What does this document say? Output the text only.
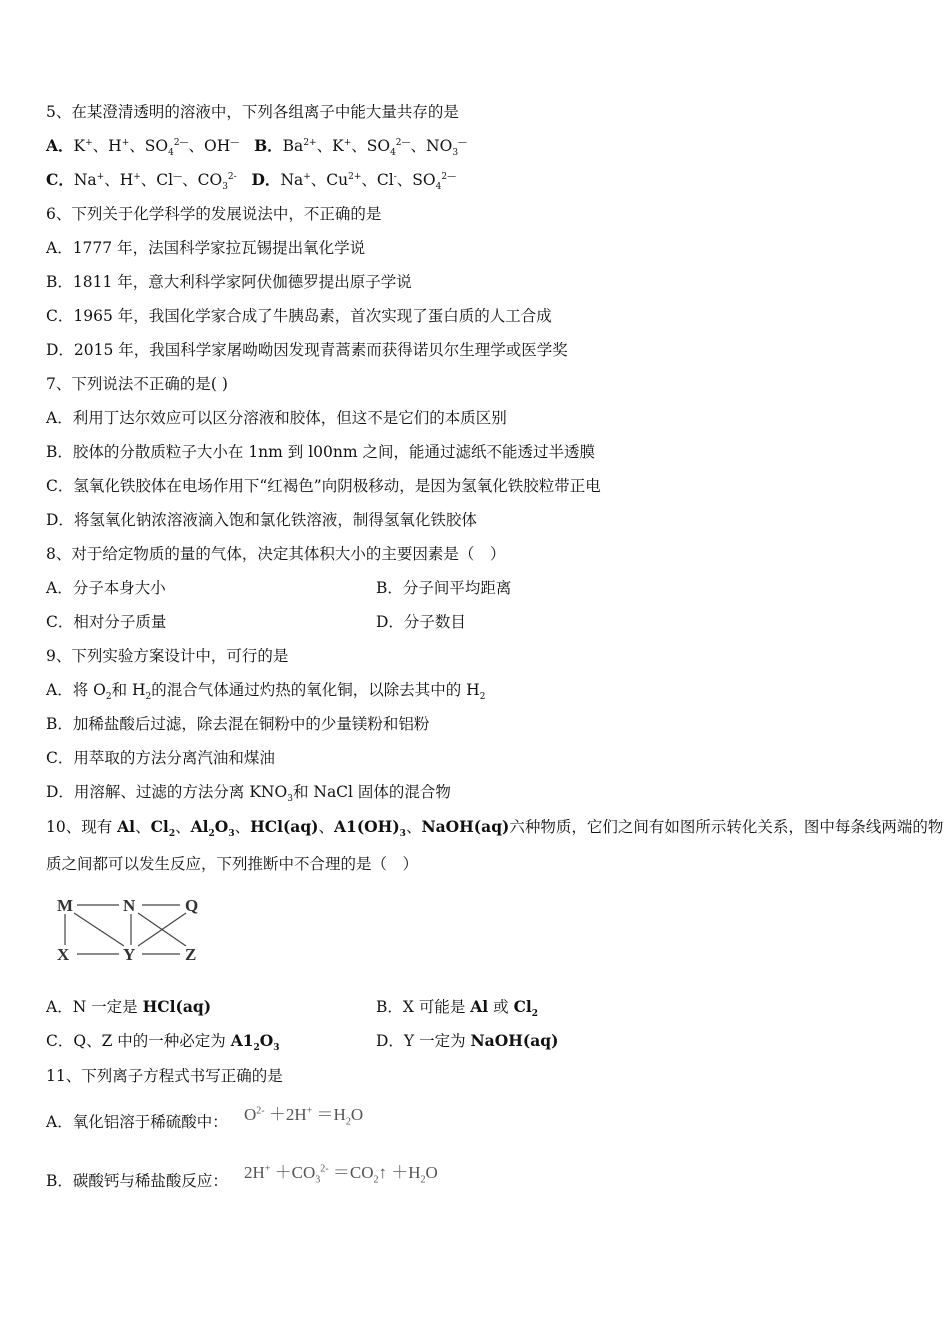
5、在某澄清透明的溶液中，下列各组离子中能大量共存的是
A．K+、H+、$SO_4^{2—}$、OH— B．$Ba^{2+}$、K+、$SO_4^{2—}$、$NO_3^—$
C．Na+、H+、Cl—、$CO_3^{2-}$ D．Na+、$Cu^{2+}$、Cl-、$SO_4^{2—}$
6、下列关于化学科学的发展说法中，不正确的是
A．1777 年，法国科学家拉瓦锡提出氧化学说
B．1811 年，意大利科学家阿伏伽德罗提出原子学说
C．1965 年，我国化学家合成了牛胰岛素，首次实现了蛋白质的人工合成
D．2015 年，我国科学家屠呦呦因发现青蒿素而获得诺贝尔生理学或医学奖
7、下列说法不正确的是( )
A．利用丁达尔效应可以区分溶液和胶体，但这不是它们的本质区别
B．胶体的分散质粒子大小在 1nm 到 l00nm 之间，能通过滤纸不能透过半透膜
C．氢氧化铁胶体在电场作用下“红褐色”向阴极移动，是因为氢氧化铁胶粒带正电
D．将氢氧化钠浓溶液滴入饱和氯化铁溶液，制得氢氧化铁胶体
8、对于给定物质的量的气体，决定其体积大小的主要因素是（　）
A．分子本身大小	B．分子间平均距离
C．相对分子质量	D．分子数目
9、下列实验方案设计中，可行的是
A．将 $O_2$和 $H_2$的混合气体通过灼热的氧化铜，以除去其中的 $H_2$
B．加稀盐酸后过滤，除去混在铜粉中的少量镁粉和铝粉
C．用萃取的方法分离汽油和煤油
D．用溶解、过滤的方法分离 $KNO_3$和 NaCl 固体的混合物
10、现有 Al、$Cl_2$、$Al_2O_3$、HCl(aq)、$A1(OH)_3$、NaOH(aq)六种物质，它们之间有如图所示转化关系，图中每条线两端的物
质之间都可以发生反应，下列推断中不合理的是（　）
M	N	Q
X	Y	Z
A．N 一定是 HCl(aq)	B．X 可能是 Al 或 $Cl_2$
C．Q、Z 中的一种必定为 $A1_2O_3$	D．Y 一定为 NaOH(aq)
11、下列离子方程式书写正确的是
A．氧化铝溶于稀硫酸中： $O^{2-} +2H^+ =H_2O$
B．碳酸钙与稀盐酸反应： $2H^+ +CO_3^{2-}$ $=CO_2↑ +H_2O$
